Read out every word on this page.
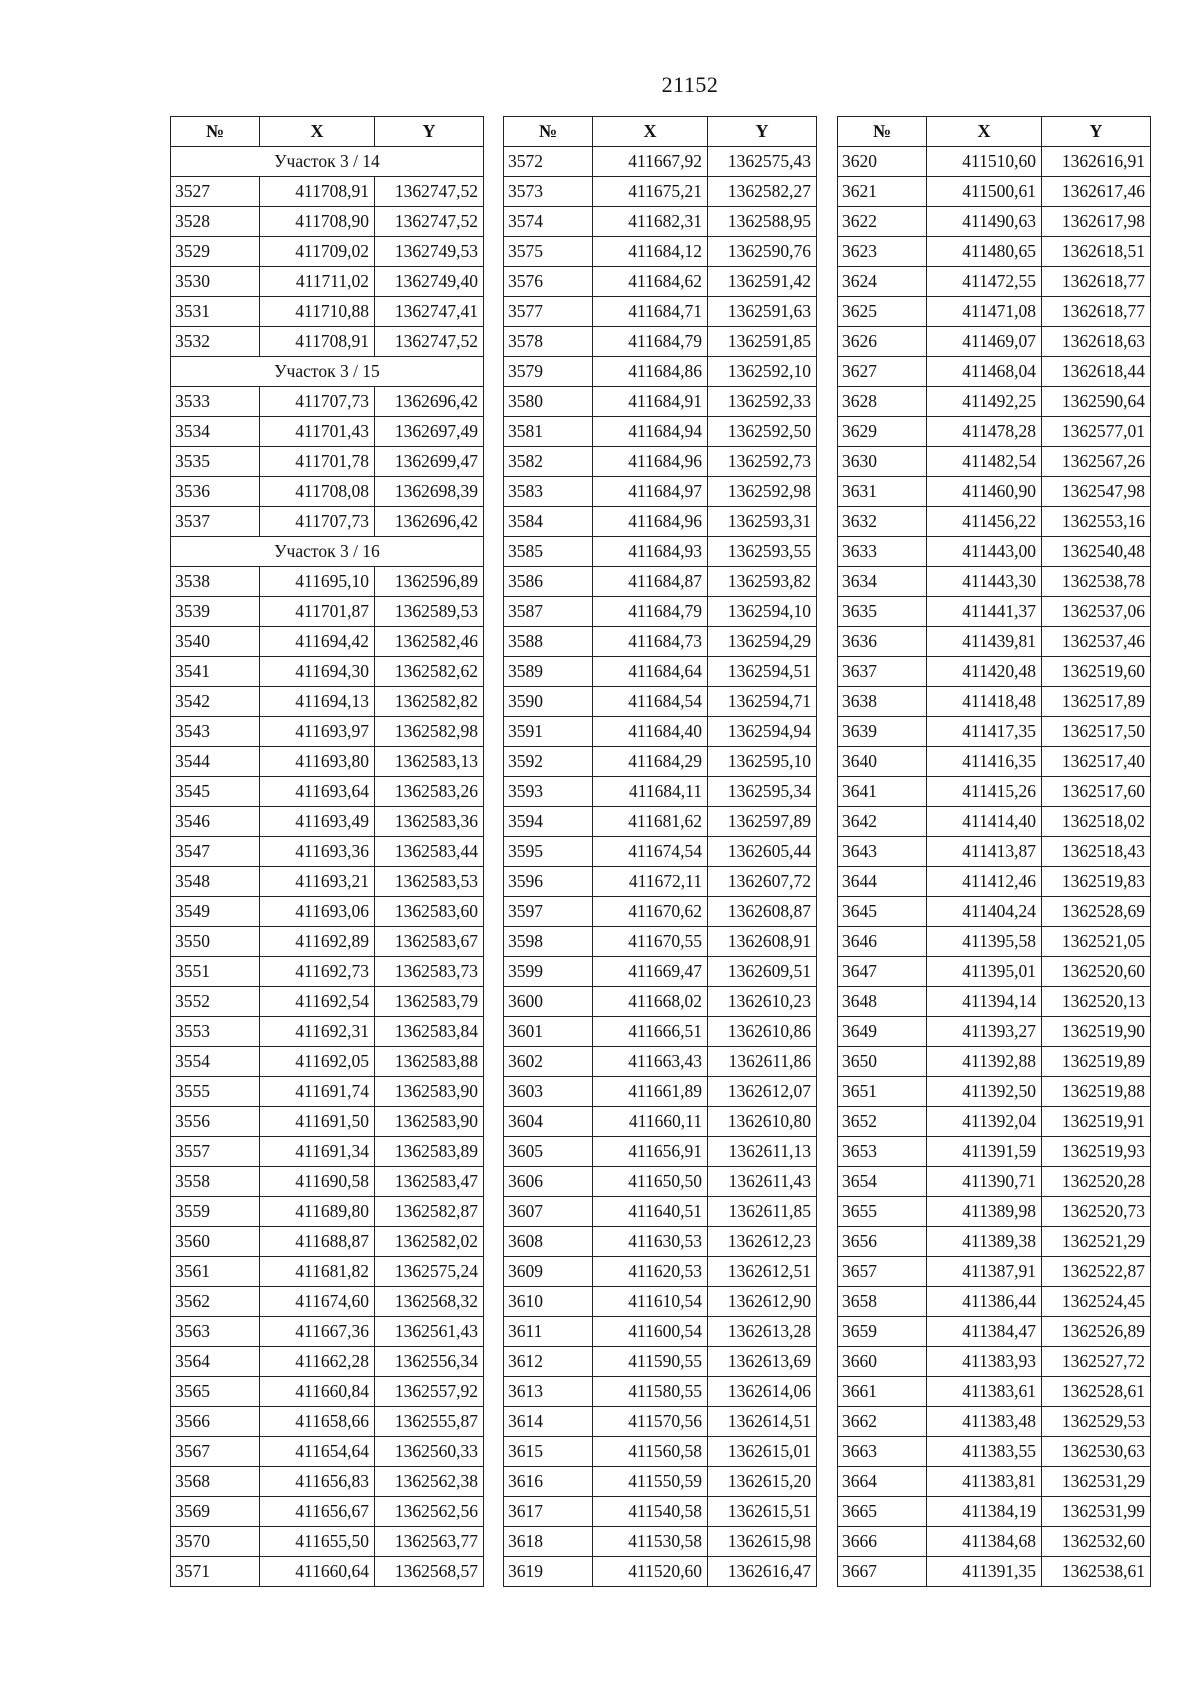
21152
№	X	Y
Участок 3 / 14		
3527	411708,91	1362747,52
3528	411708,90	1362747,52
3529	411709,02	1362749,53
3530	411711,02	1362749,40
3531	411710,88	1362747,41
3532	411708,91	1362747,52
Участок 3 / 15		
3533	411707,73	1362696,42
3534	411701,43	1362697,49
3535	411701,78	1362699,47
3536	411708,08	1362698,39
3537	411707,73	1362696,42
Участок 3 / 16		
3538	411695,10	1362596,89
3539	411701,87	1362589,53
3540	411694,42	1362582,46
3541	411694,30	1362582,62
3542	411694,13	1362582,82
3543	411693,97	1362582,98
3544	411693,80	1362583,13
3545	411693,64	1362583,26
3546	411693,49	1362583,36
3547	411693,36	1362583,44
3548	411693,21	1362583,53
3549	411693,06	1362583,60
3550	411692,89	1362583,67
3551	411692,73	1362583,73
3552	411692,54	1362583,79
3553	411692,31	1362583,84
3554	411692,05	1362583,88
3555	411691,74	1362583,90
3556	411691,50	1362583,90
3557	411691,34	1362583,89
3558	411690,58	1362583,47
3559	411689,80	1362582,87
3560	411688,87	1362582,02
3561	411681,82	1362575,24
3562	411674,60	1362568,32
3563	411667,36	1362561,43
3564	411662,28	1362556,34
3565	411660,84	1362557,92
3566	411658,66	1362555,87
3567	411654,64	1362560,33
3568	411656,83	1362562,38
3569	411656,67	1362562,56
3570	411655,50	1362563,77
3571	411660,64	1362568,57
№	X	Y
3572	411667,92	1362575,43
3573	411675,21	1362582,27
3574	411682,31	1362588,95
3575	411684,12	1362590,76
3576	411684,62	1362591,42
3577	411684,71	1362591,63
3578	411684,79	1362591,85
3579	411684,86	1362592,10
3580	411684,91	1362592,33
3581	411684,94	1362592,50
3582	411684,96	1362592,73
3583	411684,97	1362592,98
3584	411684,96	1362593,31
3585	411684,93	1362593,55
3586	411684,87	1362593,82
3587	411684,79	1362594,10
3588	411684,73	1362594,29
3589	411684,64	1362594,51
3590	411684,54	1362594,71
3591	411684,40	1362594,94
3592	411684,29	1362595,10
3593	411684,11	1362595,34
3594	411681,62	1362597,89
3595	411674,54	1362605,44
3596	411672,11	1362607,72
3597	411670,62	1362608,87
3598	411670,55	1362608,91
3599	411669,47	1362609,51
3600	411668,02	1362610,23
3601	411666,51	1362610,86
3602	411663,43	1362611,86
3603	411661,89	1362612,07
3604	411660,11	1362610,80
3605	411656,91	1362611,13
3606	411650,50	1362611,43
3607	411640,51	1362611,85
3608	411630,53	1362612,23
3609	411620,53	1362612,51
3610	411610,54	1362612,90
3611	411600,54	1362613,28
3612	411590,55	1362613,69
3613	411580,55	1362614,06
3614	411570,56	1362614,51
3615	411560,58	1362615,01
3616	411550,59	1362615,20
3617	411540,58	1362615,51
3618	411530,58	1362615,98
3619	411520,60	1362616,47
№	X	Y
3620	411510,60	1362616,91
3621	411500,61	1362617,46
3622	411490,63	1362617,98
3623	411480,65	1362618,51
3624	411472,55	1362618,77
3625	411471,08	1362618,77
3626	411469,07	1362618,63
3627	411468,04	1362618,44
3628	411492,25	1362590,64
3629	411478,28	1362577,01
3630	411482,54	1362567,26
3631	411460,90	1362547,98
3632	411456,22	1362553,16
3633	411443,00	1362540,48
3634	411443,30	1362538,78
3635	411441,37	1362537,06
3636	411439,81	1362537,46
3637	411420,48	1362519,60
3638	411418,48	1362517,89
3639	411417,35	1362517,50
3640	411416,35	1362517,40
3641	411415,26	1362517,60
3642	411414,40	1362518,02
3643	411413,87	1362518,43
3644	411412,46	1362519,83
3645	411404,24	1362528,69
3646	411395,58	1362521,05
3647	411395,01	1362520,60
3648	411394,14	1362520,13
3649	411393,27	1362519,90
3650	411392,88	1362519,89
3651	411392,50	1362519,88
3652	411392,04	1362519,91
3653	411391,59	1362519,93
3654	411390,71	1362520,28
3655	411389,98	1362520,73
3656	411389,38	1362521,29
3657	411387,91	1362522,87
3658	411386,44	1362524,45
3659	411384,47	1362526,89
3660	411383,93	1362527,72
3661	411383,61	1362528,61
3662	411383,48	1362529,53
3663	411383,55	1362530,63
3664	411383,81	1362531,29
3665	411384,19	1362531,99
3666	411384,68	1362532,60
3667	411391,35	1362538,61
